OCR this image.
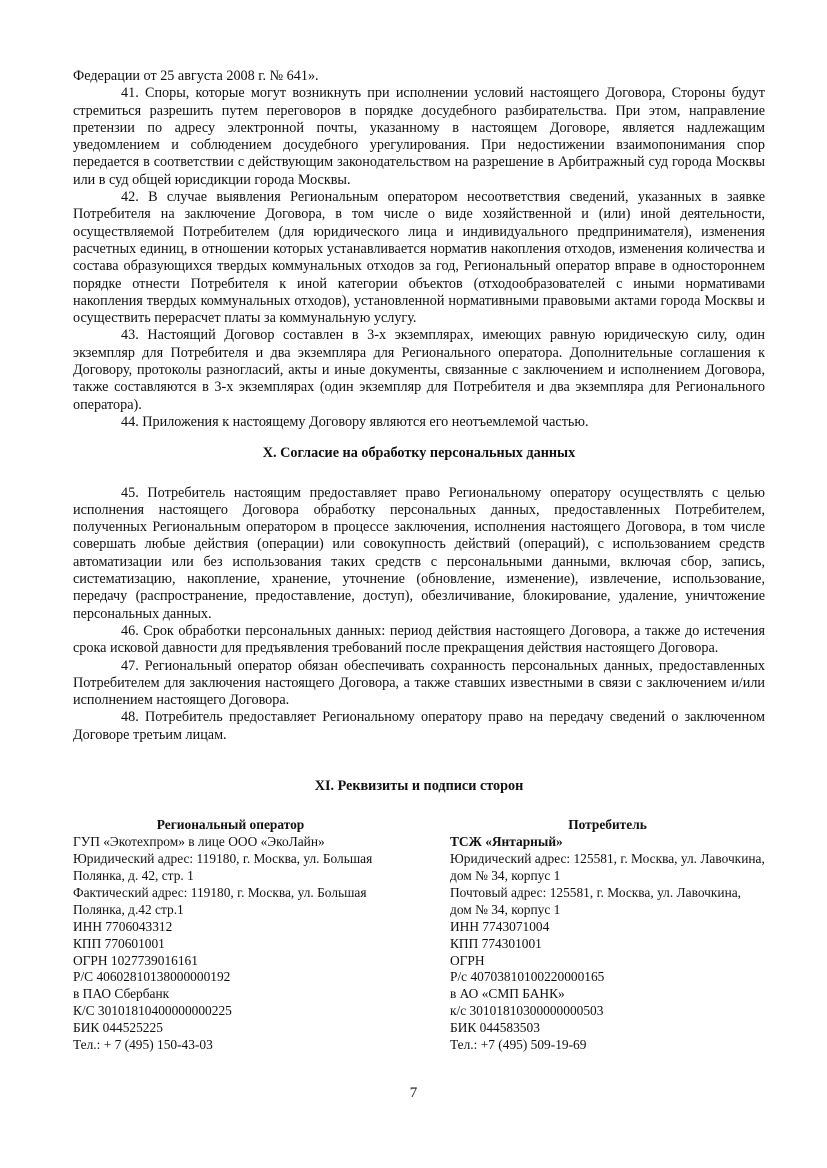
Федерации от 25 августа 2008 г. № 641».

41. Споры, которые могут возникнуть при исполнении условий настоящего Договора, Стороны будут стремиться разрешить путем переговоров в порядке досудебного разбирательства. При этом, направление претензии по адресу электронной почты, указанному в настоящем Договоре, является надлежащим уведомлением и соблюдением досудебного урегулирования. При недостижении взаимопонимания спор передается в соответствии с действующим законодательством на разрешение в Арбитражный суд города Москвы или в суд общей юрисдикции города Москвы.

42. В случае выявления Региональным оператором несоответствия сведений, указанных в заявке Потребителя на заключение Договора, в том числе о виде хозяйственной и (или) иной деятельности, осуществляемой Потребителем (для юридического лица и индивидуального предпринимателя), изменения расчетных единиц, в отношении которых устанавливается норматив накопления отходов, изменения количества и состава образующихся твердых коммунальных отходов за год, Региональный оператор вправе в одностороннем порядке отнести Потребителя к иной категории объектов (отходообразователей с иными нормативами накопления твердых коммунальных отходов), установленной нормативными правовыми актами города Москвы и осуществить перерасчет платы за коммунальную услугу.

43. Настоящий Договор составлен в 3-х экземплярах, имеющих равную юридическую силу, один экземпляр для Потребителя и два экземпляра для Регионального оператора. Дополнительные соглашения к Договору, протоколы разногласий, акты и иные документы, связанные с заключением и исполнением Договора, также составляются в 3-х экземплярах (один экземпляр для Потребителя и два экземпляра для Регионального оператора).

44. Приложения к настоящему Договору являются его неотъемлемой частью.

X. Согласие на обработку персональных данных

45. Потребитель настоящим предоставляет право Региональному оператору осуществлять с целью исполнения настоящего Договора обработку персональных данных, предоставленных Потребителем, полученных Региональным оператором в процессе заключения, исполнения настоящего Договора, в том числе совершать любые действия (операции) или совокупность действий (операций), с использованием средств автоматизации или без использования таких средств с персональными данными, включая сбор, запись, систематизацию, накопление, хранение, уточнение (обновление, изменение), извлечение, использование, передачу (распространение, предоставление, доступ), обезличивание, блокирование, удаление, уничтожение персональных данных.

46. Срок обработки персональных данных: период действия настоящего Договора, а также до истечения срока исковой давности для предъявления требований после прекращения действия настоящего Договора.

47. Региональный оператор обязан обеспечивать сохранность персональных данных, предоставленных Потребителем для заключения настоящего Договора, а также ставших известными в связи с заключением и/или исполнением настоящего Договора.

48. Потребитель предоставляет Региональному оператору право на передачу сведений о заключенном Договоре третьим лицам.

XI. Реквизиты и подписи сторон
Региональный оператор
ГУП «Экотехпром» в лице ООО «ЭкоЛайн»
Юридический адрес: 119180, г. Москва, ул. Большая Полянка, д. 42, стр. 1
Фактический адрес: 119180, г. Москва, ул. Большая Полянка, д.42 стр.1
ИНН 7706043312
КПП 770601001
ОГРН 1027739016161
Р/С 40602810138000000192
в ПАО Сбербанк
К/С 30101810400000000225
БИК 044525225
Тел.: + 7 (495) 150-43-03
Потребитель
ТСЖ «Янтарный»
Юридический адрес: 125581, г. Москва, ул. Лавочкина, дом № 34, корпус 1
Почтовый адрес: 125581, г. Москва, ул. Лавочкина, дом № 34, корпус 1
ИНН 7743071004
КПП 774301001
ОГРН
Р/с 40703810100220000165
в АО «СМП БАНК»
к/с 30101810300000000503
БИК 044583503
Тел.: +7 (495) 509-19-69
7
